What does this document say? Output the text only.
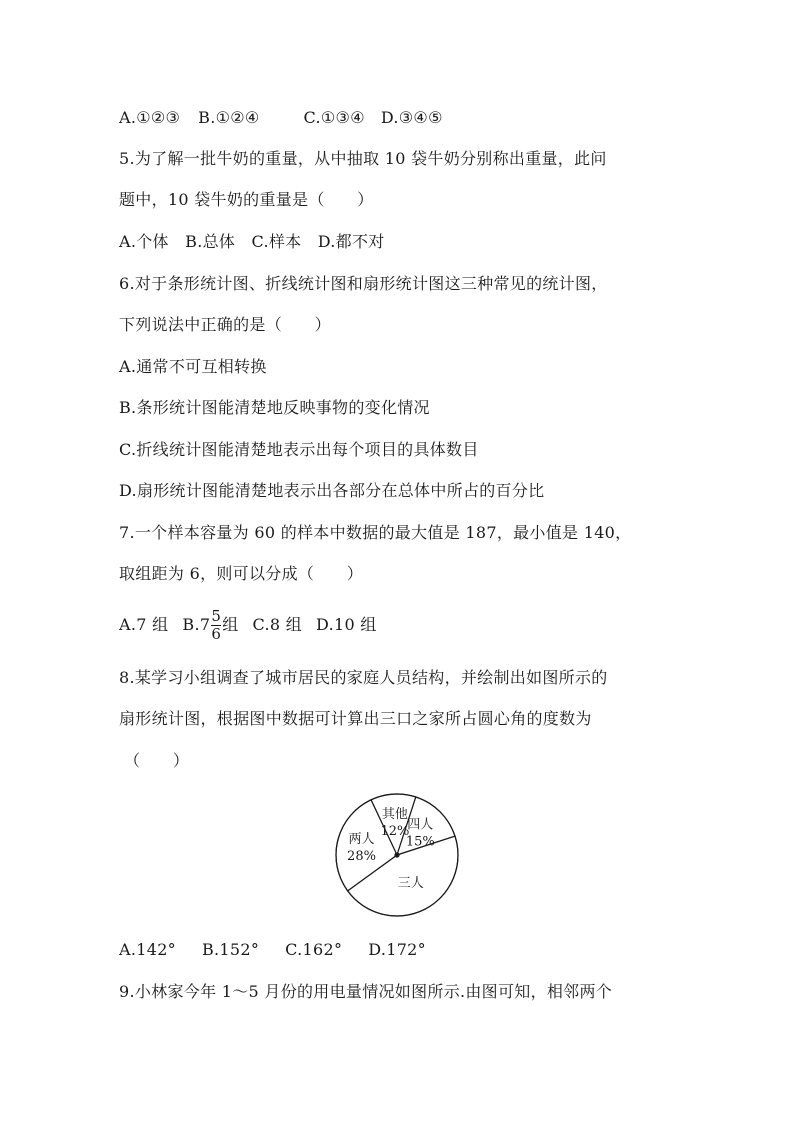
A.①②③ B.①②④	C.①③④ D.③④⑤
5.为了解一批牛奶的重量，从中抽取 10 袋牛奶分别称出重量，此问
题中，10 袋牛奶的重量是（　　）
A.个体　B.总体　C.样本　D.都不对
6.对于条形统计图、折线统计图和扇形统计图这三种常见的统计图，
下列说法中正确的是（　　）
A.通常不可互相转换
B.条形统计图能清楚地反映事物的变化情况
C.折线统计图能清楚地表示出每个项目的具体数目
D.扇形统计图能清楚地表示出各部分在总体中所占的百分比
7.一个样本容量为 60 的样本中数据的最大值是 187，最小值是 140，
取组距为 6，则可以分成（　　）
A.7 组 $B.7 \frac{5}{6}$ 组 C.8 组 D.10 组
8.某学习小组调查了城市居民的家庭人员结构，并绘制出如图所示的
扇形统计图，根据图中数据可计算出三口之家所占圆心角的度数为
（　　）
其他
12%
四人
15%
三人
两人
28%
A.142° B.152° C.162° D.172°
9.小林家今年 1～5 月份的用电量情况如图所示.由图可知，相邻两个
